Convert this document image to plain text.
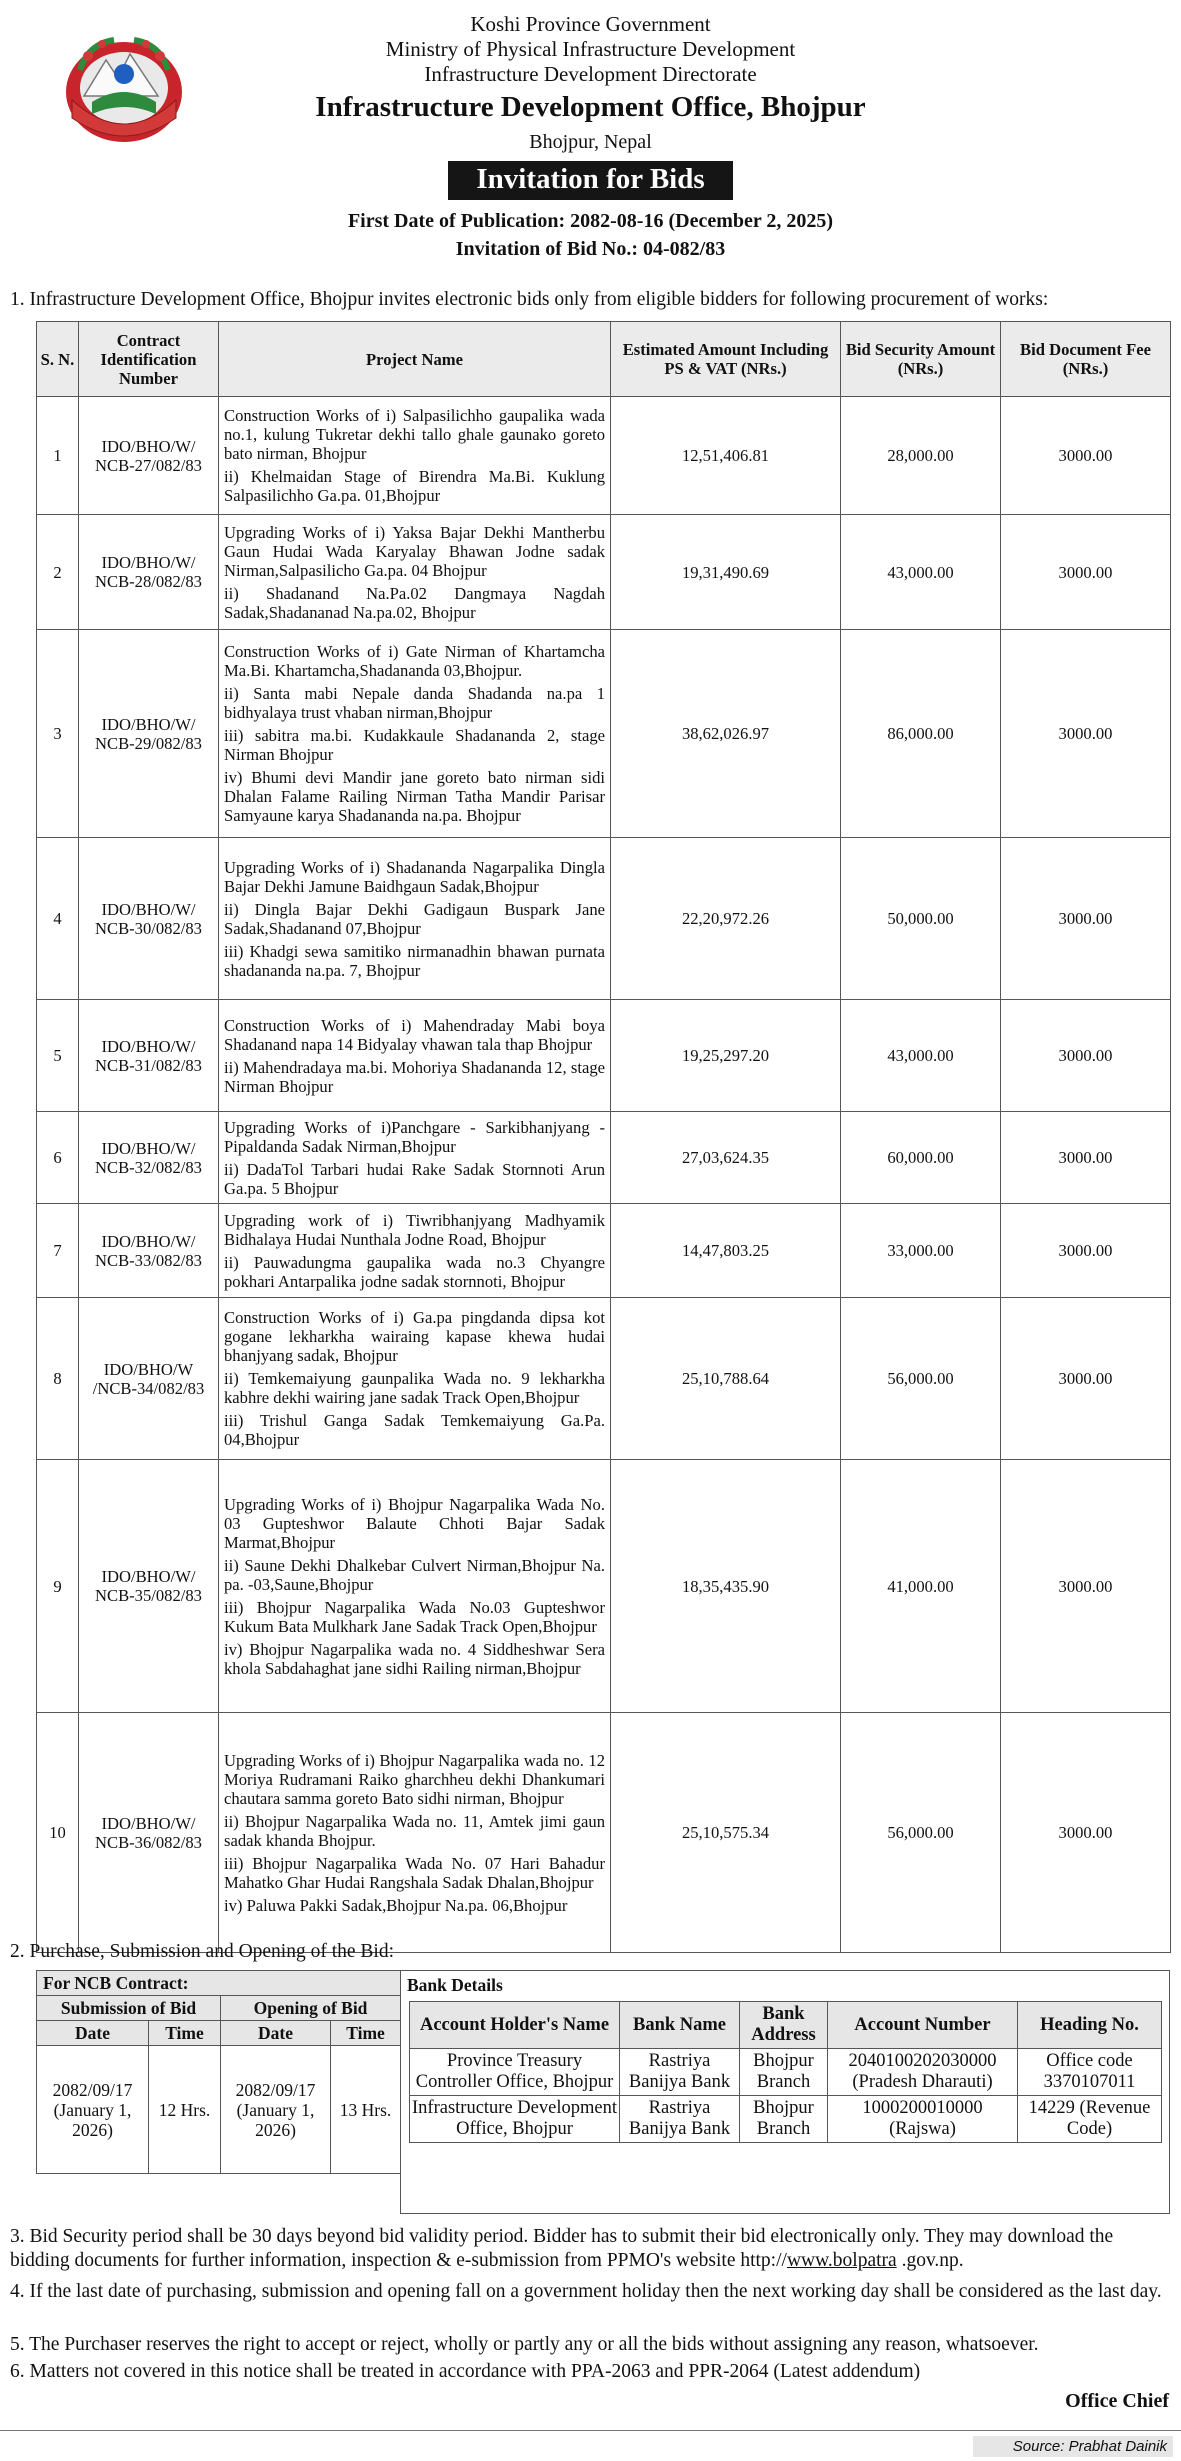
Koshi Province Government
Ministry of Physical Infrastructure Development
Infrastructure Development Directorate
Infrastructure Development Office, Bhojpur
Bhojpur, Nepal
Invitation for Bids
First Date of Publication: 2082-08-16 (December 2, 2025)
Invitation of Bid No.: 04-082/83
1. Infrastructure Development Office, Bhojpur invites electronic bids only from eligible bidders for following procurement of works:
S. N.	Contract Identification Number	Project Name	Estimated Amount Including PS & VAT (NRs.)	Bid Security Amount (NRs.)	Bid Document Fee (NRs.)
1	IDO/BHO/W/ NCB-27/082/83	Construction Works of i) Salpasilichho gaupalika wada no.1, kulung Tukretar dekhi tallo ghale gaunako goreto bato nirman, Bhojpur

ii) Khelmaidan Stage of Birendra Ma.Bi. Kuklung Salpasilichho Ga.pa. 01,Bhojpur	12,51,406.81	28,000.00	3000.00
2	IDO/BHO/W/ NCB-28/082/83	Upgrading Works of i) Yaksa Bajar Dekhi Mantherbu Gaun Hudai Wada Karyalay Bhawan Jodne sadak Nirman,Salpasilicho Ga.pa. 04 Bhojpur

ii) Shadanand Na.Pa.02 Dangmaya Nagdah Sadak,Shadananad Na.pa.02, Bhojpur	19,31,490.69	43,000.00	3000.00
3	IDO/BHO/W/ NCB-29/082/83	Construction Works of i) Gate Nirman of Khartamcha Ma.Bi. Khartamcha,Shadananda 03,Bhojpur.

ii) Santa mabi Nepale danda Shadanda na.pa 1 bidhyalaya trust vhaban nirman,Bhojpur

iii) sabitra ma.bi. Kudakkaule Shadananda 2, stage Nirman Bhojpur

iv) Bhumi devi Mandir jane goreto bato nirman sidi Dhalan Falame Railing Nirman Tatha Mandir Parisar Samyaune karya Shadananda na.pa. Bhojpur	38,62,026.97	86,000.00	3000.00
4	IDO/BHO/W/ NCB-30/082/83	Upgrading Works of i) Shadananda Nagarpalika Dingla Bajar Dekhi Jamune Baidhgaun Sadak,Bhojpur

ii) Dingla Bajar Dekhi Gadigaun Buspark Jane Sadak,Shadanand 07,Bhojpur

iii) Khadgi sewa samitiko nirmanadhin bhawan purnata shadananda na.pa. 7, Bhojpur	22,20,972.26	50,000.00	3000.00
5	IDO/BHO/W/ NCB-31/082/83	Construction Works of i) Mahendraday Mabi boya Shadanand napa 14 Bidyalay vhawan tala thap Bhojpur

ii) Mahendradaya ma.bi. Mohoriya Shadananda 12, stage Nirman Bhojpur	19,25,297.20	43,000.00	3000.00
6	IDO/BHO/W/ NCB-32/082/83	Upgrading Works of i)Panchgare - Sarkibhanjyang - Pipaldanda Sadak Nirman,Bhojpur

ii) DadaTol Tarbari hudai Rake Sadak Stornnoti Arun Ga.pa. 5 Bhojpur	27,03,624.35	60,000.00	3000.00
7	IDO/BHO/W/ NCB-33/082/83	Upgrading work of i) Tiwribhanjyang Madhyamik Bidhalaya Hudai Nunthala Jodne Road, Bhojpur

ii) Pauwadungma gaupalika wada no.3 Chyangre pokhari Antarpalika jodne sadak stornnoti, Bhojpur	14,47,803.25	33,000.00	3000.00
8	IDO/BHO/W /NCB-34/082/83	Construction Works of i) Ga.pa pingdanda dipsa kot gogane lekharkha wairaing kapase khewa hudai bhanjyang sadak, Bhojpur

ii) Temkemaiyung gaunpalika Wada no. 9 lekharkha kabhre dekhi wairing jane sadak Track Open,Bhojpur

iii) Trishul Ganga Sadak Temkemaiyung Ga.Pa. 04,Bhojpur	25,10,788.64	56,000.00	3000.00
9	IDO/BHO/W/ NCB-35/082/83	Upgrading Works of i) Bhojpur Nagarpalika Wada No. 03 Gupteshwor Balaute Chhoti Bajar Sadak Marmat,Bhojpur

ii) Saune Dekhi Dhalkebar Culvert Nirman,Bhojpur Na. pa. -03,Saune,Bhojpur

iii) Bhojpur Nagarpalika Wada No.03 Gupteshwor Kukum Bata Mulkhark Jane Sadak Track Open,Bhojpur

iv) Bhojpur Nagarpalika wada no. 4 Siddheshwar Sera khola Sabdahaghat jane sidhi Railing nirman,Bhojpur	18,35,435.90	41,000.00	3000.00
10	IDO/BHO/W/ NCB-36/082/83	Upgrading Works of i) Bhojpur Nagarpalika wada no. 12 Moriya Rudramani Raiko gharchheu dekhi Dhankumari chautara samma goreto Bato sidhi nirman, Bhojpur

ii) Bhojpur Nagarpalika Wada no. 11, Amtek jimi gaun sadak khanda Bhojpur.

iii) Bhojpur Nagarpalika Wada No. 07 Hari Bahadur Mahatko Ghar Hudai Rangshala Sadak Dhalan,Bhojpur

iv) Paluwa Pakki Sadak,Bhojpur Na.pa. 06,Bhojpur	25,10,575.34	56,000.00	3000.00
2. Purchase, Submission and Opening of the Bid:
For NCB Contract:			
Submission of Bid		Opening of Bid	
Date	Time	Date	Time
2082/09/17 (January 1, 2026)	12 Hrs.	2082/09/17 (January 1, 2026)	13 Hrs.
Bank Details
Account Holder's Name	Bank Name	Bank Address	Account Number	Heading No.
Province Treasury Controller Office, Bhojpur	Rastriya Banijya Bank	Bhojpur Branch	2040100202030000 (Pradesh Dharauti)	Office code 3370107011
Infrastructure Development Office, Bhojpur	Rastriya Banijya Bank	Bhojpur Branch	1000200010000 (Rajswa)	14229 (Revenue Code)
3. Bid Security period shall be 30 days beyond bid validity period. Bidder has to submit their bid electronically only. They may download the bidding documents for further information, inspection & e-submission from PPMO's website http://www.bolpatra .gov.np.
4. If the last date of purchasing, submission and opening fall on a government holiday then the next working day shall be considered as the last day.
5. The Purchaser reserves the right to accept or reject, wholly or partly any or all the bids without assigning any reason, whatsoever.
6. Matters not covered in this notice shall be treated in accordance with PPA-2063 and PPR-2064 (Latest addendum)
Office Chief
Source: Prabhat Dainik
